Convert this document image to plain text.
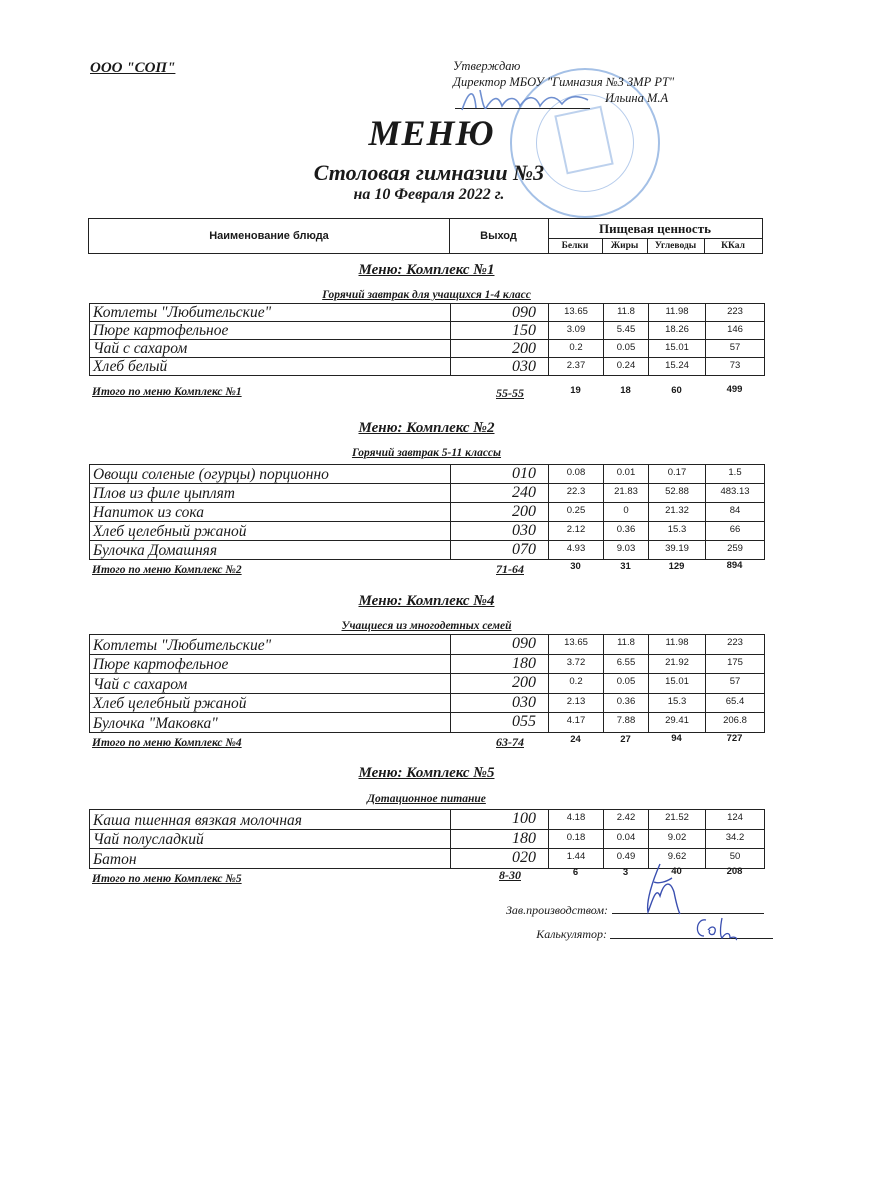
ООО "СОП"	Утверждаю
Директор МБОУ "Гимназия №3 ЗМР РТ"
Ильина М.А
МЕНЮ
Столовая гимназии №3
на 10 Февраля 2022 г.
Наименование блюда	Выход
Пищевая ценность
Белки	Жиры	Углеводы	ККал
Меню: Комплекс №1
Горячий завтрак для учащихся 1-4 класс
Котлеты "Любительские"	090	13.65	11.8	11.98	223
Пюре картофельное	150	3.09	5.45	18.26	146
Чай с сахаром	200	0.2	0.05	15.01	57
Хлеб белый	030	2.37	0.24	15.24	73
Итого по меню Комплекс №1	55-55	19	18	60	499
Меню: Комплекс №2
Горячий завтрак 5-11 классы
Овощи соленые (огурцы) порционно	010	0.08	0.01	0.17	1.5
Плов из филе цыплят	240	22.3	21.83	52.88	483.13
Напиток из сока	200	0.25	0	21.32	84
Хлеб целебный ржаной	030	2.12	0.36	15.3	66
Булочка Домашняя	070	4.93	9.03	39.19	259
Итого по меню Комплекс №2	71-64	30	31	129	894
Меню: Комплекс №4
Учащиеся из многодетных семей
Котлеты "Любительские"	090	13.65	11.8	11.98	223
Пюре картофельное	180	3.72	6.55	21.92	175
Чай с сахаром	200	0.2	0.05	15.01	57
Хлеб целебный ржаной	030	2.13	0.36	15.3	65.4
Булочка "Маковка"	055	4.17	7.88	29.41	206.8
Итого по меню Комплекс №4	63-74	24	27	94	727
Меню: Комплекс №5
Дотационное питание
Каша пшенная вязкая молочная	100	4.18	2.42	21.52	124
Чай полусладкий	180	0.18	0.04	9.02	34.2
Батон	020	1.44	0.49	9.62	50
Итого по меню Комплекс №5	8-30	6	3	40	208
Зав.производством:
Калькулятор:
